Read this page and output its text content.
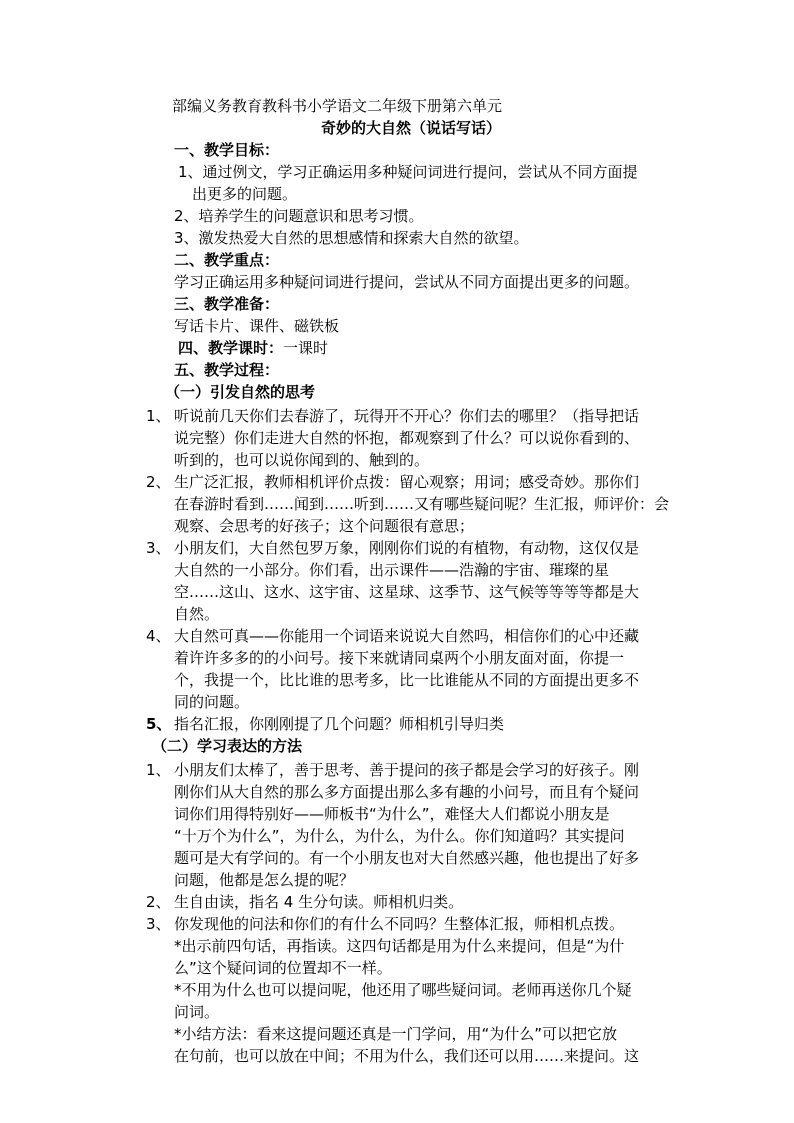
部编义务教育教科书小学语文二年级下册第六单元
奇妙的大自然（说话写话）
一、教学目标：
1、通过例文，学习正确运用多种疑问词进行提问，尝试从不同方面提
出更多的问题。
2、培养学生的问题意识和思考习惯。
3、激发热爱大自然的思想感情和探索大自然的欲望。
二、教学重点：
学习正确运用多种疑问词进行提问，尝试从不同方面提出更多的问题。
三、教学准备：
写话卡片、课件、磁铁板
四、教学课时：一课时
五、教学过程：
（一）引发自然的思考
1、 听说前几天你们去春游了，玩得开不开心？你们去的哪里？（指导把话
说完整）你们走进大自然的怀抱，都观察到了什么？可以说你看到的、
听到的，也可以说你闻到的、触到的。
2、 生广泛汇报，教师相机评价点拨：留心观察；用词；感受奇妙。那你们
在春游时看到……闻到……听到……又有哪些疑问呢？生汇报，师评价：会
观察、会思考的好孩子；这个问题很有意思；
3、 小朋友们，大自然包罗万象，刚刚你们说的有植物，有动物，这仅仅是
大自然的一小部分。你们看，出示课件——浩瀚的宇宙、璀璨的星
空……这山、这水、这宇宙、这星球、这季节、这气候等等等等都是大
自然。
4、 大自然可真——你能用一个词语来说说大自然吗，相信你们的心中还藏
着许许多多的的小问号。接下来就请同桌两个小朋友面对面，你提一
个，我提一个，比比谁的思考多，比一比谁能从不同的方面提出更多不
同的问题。
5、 指名汇报，你刚刚提了几个问题？师相机引导归类
（二）学习表达的方法
1、 小朋友们太棒了，善于思考、善于提问的孩子都是会学习的好孩子。刚
刚你们从大自然的那么多方面提出那么多有趣的小问号，而且有个疑问
词你们用得特别好——师板书“为什么”，难怪大人们都说小朋友是
“十万个为什么”，为什么，为什么，为什么。你们知道吗？其实提问
题可是大有学问的。有一个小朋友也对大自然感兴趣，他也提出了好多
问题，他都是怎么提的呢？
2、 生自由读，指名 4 生分句读。师相机归类。
3、 你发现他的问法和你们的有什么不同吗？生整体汇报，师相机点拨。
*出示前四句话，再指读。这四句话都是用为什么来提问，但是“为什
么”这个疑问词的位置却不一样。
*不用为什么也可以提问呢，他还用了哪些疑问词。老师再送你几个疑
问词。
*小结方法：看来这提问题还真是一门学问，用“为什么”可以把它放
在句前，也可以放在中间；不用为什么，我们还可以用……来提问。这
